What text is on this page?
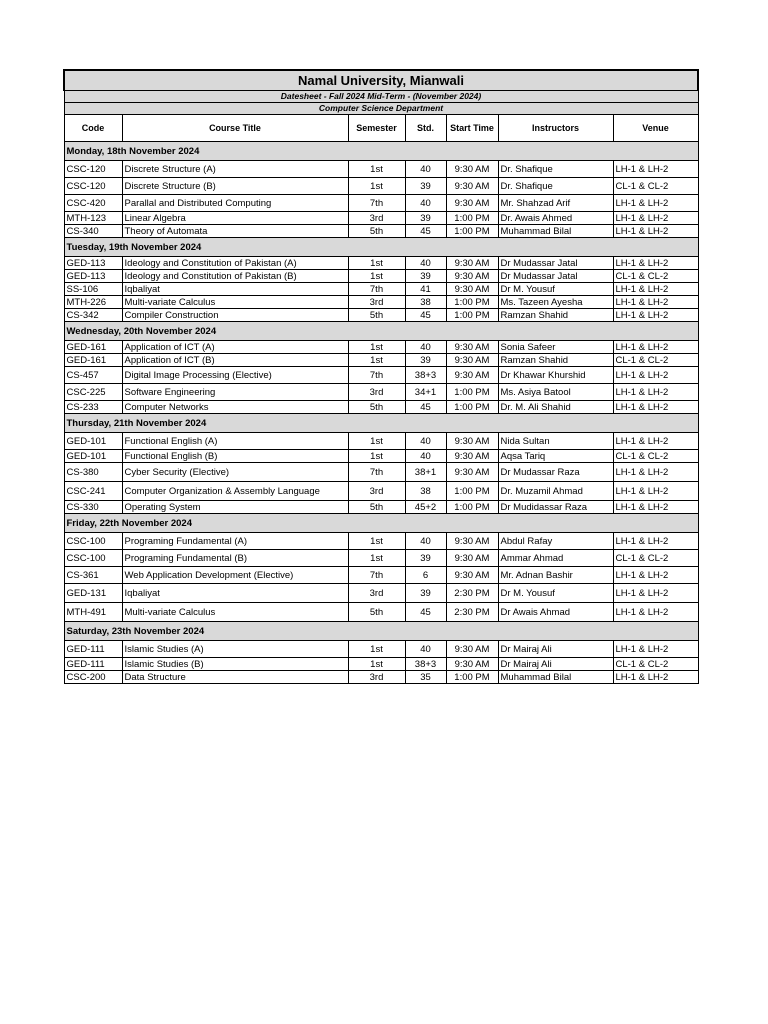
Namal University, Mianwali						
Datesheet - Fall 2024 Mid-Term - (November 2024)						
Computer Science Department						
Code	Course Title	Semester	Std.	Start Time	Instructors	Venue
Monday, 18th November 2024						
CSC-120	Discrete Structure (A)	1st	40	9:30 AM	Dr. Shafique	LH-1 & LH-2
CSC-120	Discrete Structure (B)	1st	39	9:30 AM	Dr. Shafique	CL-1 & CL-2
CSC-420	Parallal and Distributed Computing	7th	40	9:30 AM	Mr. Shahzad Arif	LH-1 & LH-2
MTH-123	Linear Algebra	3rd	39	1:00 PM	Dr. Awais Ahmed	LH-1 & LH-2
CS-340	Theory of Automata	5th	45	1:00 PM	Muhammad Bilal	LH-1 & LH-2
Tuesday, 19th November 2024						
GED-113	Ideology and Constitution of Pakistan (A)	1st	40	9:30 AM	Dr Mudassar Jatal	LH-1 & LH-2
GED-113	Ideology and Constitution of Pakistan (B)	1st	39	9:30 AM	Dr Mudassar Jatal	CL-1 & CL-2
SS-106	Iqbaliyat	7th	41	9:30 AM	Dr M. Yousuf	LH-1 & LH-2
MTH-226	Multi-variate Calculus	3rd	38	1:00 PM	Ms. Tazeen Ayesha	LH-1 & LH-2
CS-342	Compiler Construction	5th	45	1:00 PM	Ramzan Shahid	LH-1 & LH-2
Wednesday, 20th November 2024						
GED-161	Application of ICT (A)	1st	40	9:30 AM	Sonia Safeer	LH-1 & LH-2
GED-161	Application of ICT (B)	1st	39	9:30 AM	Ramzan Shahid	CL-1 & CL-2
CS-457	Digital Image Processing (Elective)	7th	38+3	9:30 AM	Dr Khawar Khurshid	LH-1 & LH-2
CSC-225	Software Engineering	3rd	34+1	1:00 PM	Ms. Asiya Batool	LH-1 & LH-2
CS-233	Computer Networks	5th	45	1:00 PM	Dr. M. Ali Shahid	LH-1 & LH-2
Thursday, 21th November 2024						
GED-101	Functional English (A)	1st	40	9:30 AM	Nida Sultan	LH-1 & LH-2
GED-101	Functional English (B)	1st	40	9:30 AM	Aqsa Tariq	CL-1 & CL-2
CS-380	Cyber Security (Elective)	7th	38+1	9:30 AM	Dr Mudassar Raza	LH-1 & LH-2
CSC-241	Computer Organization & Assembly Language	3rd	38	1:00 PM	Dr. Muzamil Ahmad	LH-1 & LH-2
CS-330	Operating System	5th	45+2	1:00 PM	Dr Mudidassar Raza	LH-1 & LH-2
Friday, 22th November 2024						
CSC-100	Programing Fundamental (A)	1st	40	9:30 AM	Abdul Rafay	LH-1 & LH-2
CSC-100	Programing Fundamental (B)	1st	39	9:30 AM	Ammar Ahmad	CL-1 & CL-2
CS-361	Web Application Development (Elective)	7th	6	9:30 AM	Mr. Adnan Bashir	LH-1 & LH-2
GED-131	Iqbaliyat	3rd	39	2:30 PM	Dr M. Yousuf	LH-1 & LH-2
MTH-491	Multi-variate Calculus	5th	45	2:30 PM	Dr Awais Ahmad	LH-1 & LH-2
Saturday, 23th November 2024						
GED-111	Islamic Studies (A)	1st	40	9:30 AM	Dr Mairaj Ali	LH-1 & LH-2
GED-111	Islamic Studies (B)	1st	38+3	9:30 AM	Dr Mairaj Ali	CL-1 & CL-2
CSC-200	Data Structure	3rd	35	1:00 PM	Muhammad Bilal	LH-1 & LH-2
